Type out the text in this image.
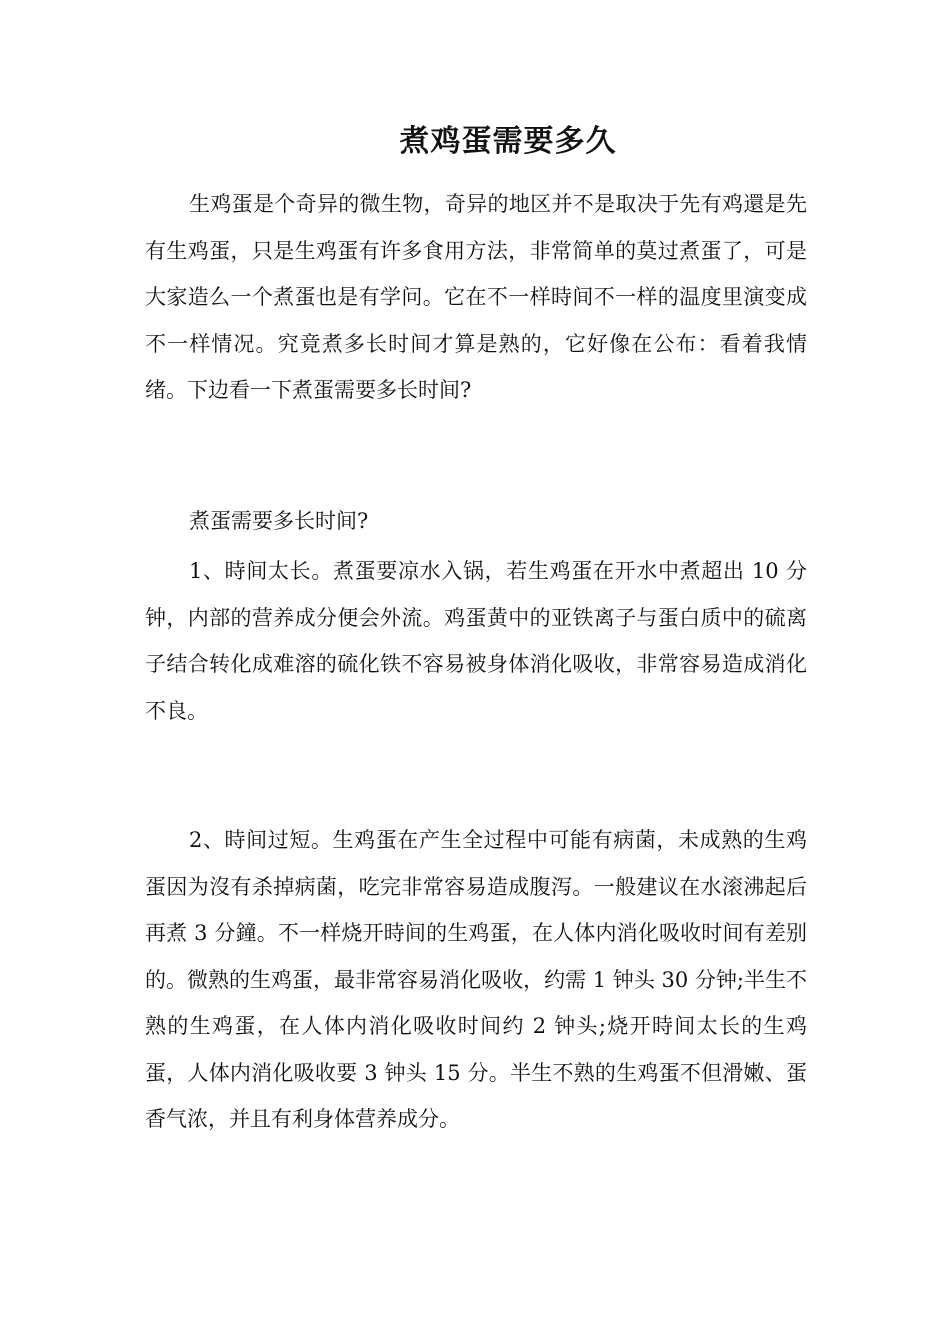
煮鸡蛋需要多久

生鸡蛋是个奇异的微生物，奇异的地区并不是取决于先有鸡還是先有生鸡蛋，只是生鸡蛋有许多食用方法，非常简单的莫过煮蛋了，可是大家造么一个煮蛋也是有学问。它在不一样時间不一样的温度里演变成不一样情况。究竟煮多长时间才算是熟的，它好像在公布：看着我情绪。下边看一下煮蛋需要多长时间?

煮蛋需要多长时间?

1、時间太长。煮蛋要凉水入锅，若生鸡蛋在开水中煮超出 10 分钟，内部的营养成分便会外流。鸡蛋黄中的亚铁离子与蛋白质中的硫离子结合转化成难溶的硫化铁不容易被身体消化吸收，非常容易造成消化不良。

2、時间过短。生鸡蛋在产生全过程中可能有病菌，未成熟的生鸡蛋因为沒有杀掉病菌，吃完非常容易造成腹泻。一般建议在水滚沸起后再煮 3 分鐘。不一样烧开時间的生鸡蛋，在人体内消化吸收时间有差别的。微熟的生鸡蛋，最非常容易消化吸收，约需 1 钟头 30 分钟;半生不熟的生鸡蛋，在人体内消化吸收时间约 2 钟头;烧开時间太长的生鸡蛋，人体内消化吸收要 3 钟头 15 分。半生不熟的生鸡蛋不但滑嫩、蛋香气浓，并且有利身体营养成分。
